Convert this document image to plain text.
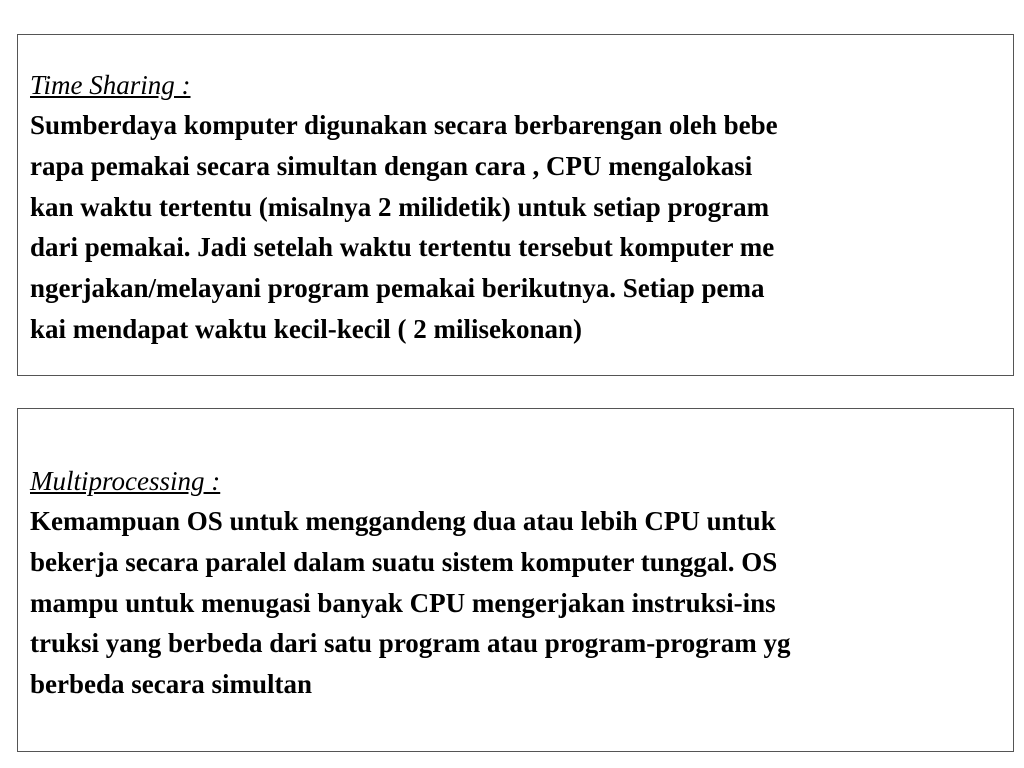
Time Sharing :

Sumberdaya komputer digunakan secara berbarengan oleh bebe
rapa pemakai secara simultan dengan cara , CPU mengalokasi
kan waktu tertentu (misalnya 2 milidetik) untuk setiap program
dari pemakai. Jadi setelah waktu tertentu tersebut komputer me
ngerjakan/melayani program pemakai berikutnya. Setiap pema
kai mendapat waktu kecil-kecil ( 2 milisekonan)

Multiprocessing :

Kemampuan OS untuk menggandeng dua atau lebih CPU untuk
bekerja secara paralel dalam suatu sistem komputer tunggal. OS
mampu untuk menugasi banyak CPU mengerjakan instruksi-ins
truksi yang berbeda dari satu program atau program-program yg
berbeda secara simultan
